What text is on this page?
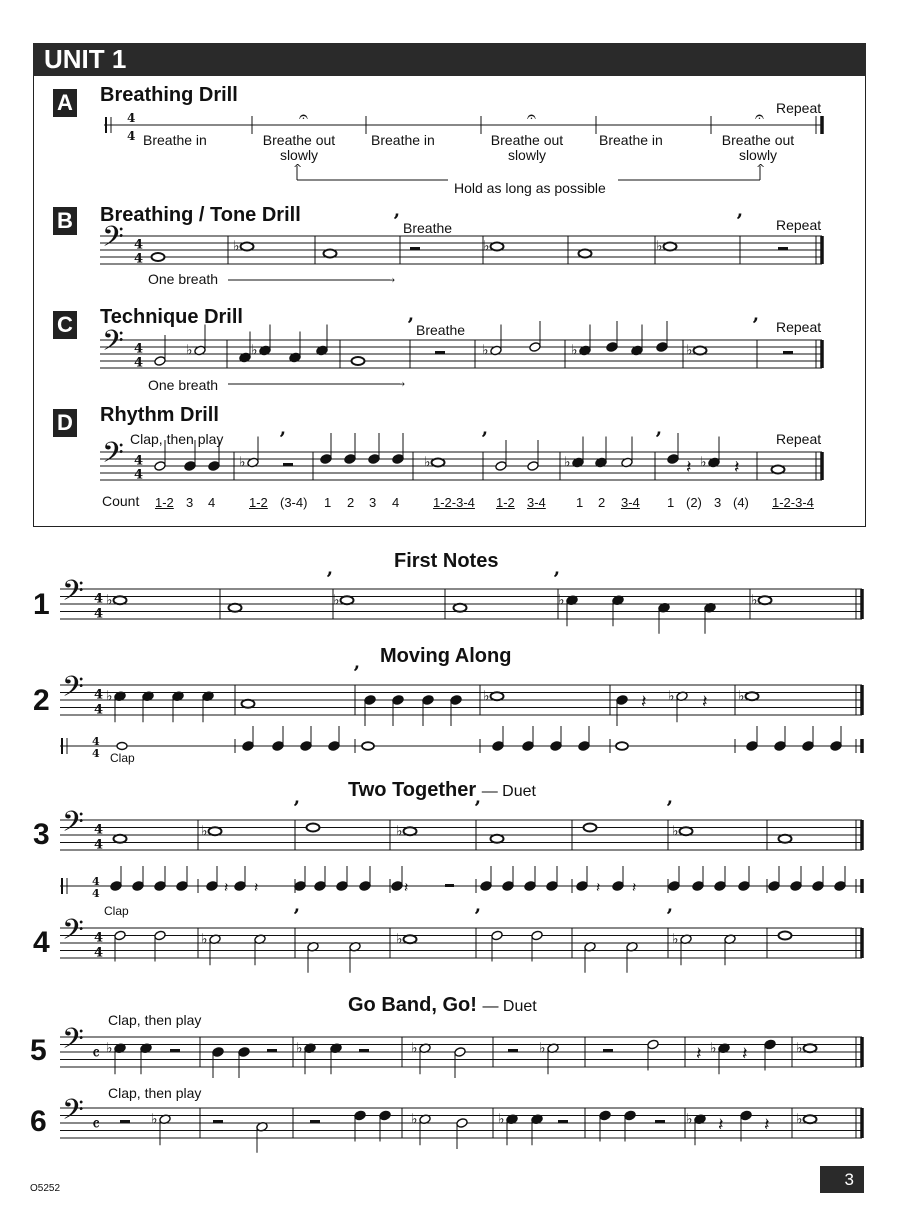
UNIT 1
A Breathing Drill
Breathe in	Breathe out
slowly
Breathe in	Breathe out
slowly
Breathe in	Breathe out
slowly
Repeat
Hold as long as possible
B Breathing / Tone Drill
Breathe	Repeat
One breath
C Technique Drill
Breathe	Repeat
One breath
D Rhythm Drill
Clap, then play	Repeat
Count 1-2 3 4	1-2 (3-4) 1 2 3 4	1-2-3-4 1-2 3-4 1 2 3-4 1 (2) 3 (4) 1-2-3-4
First Notes
1
Moving Along
2
Clap
Two Together — Duet
3
Clap
4
Go Band, Go! — Duet
Clap, then play
5
Clap, then play
6
O5252	3
4
4
𝄐	𝄐	𝄐
^	^
𝄢 4
4
♭	♭	♭
’	’
→
𝄢 4
4
♭	♭	♭	♭	♭
’	’
→
𝄢 4
4
♭	♭	♭	𝄽 ♭ 𝄽
’	’	’
𝄢 4
4
♭	♭	♭	♭
’	’
𝄢 4
4
♭	♭	𝄽 ♭ 𝄽 ♭
’
4
4
𝄢 4
4
♭	♭	♭
’	’	’
4
4	𝄽 𝄽	𝄽	𝄽 𝄽
𝄢 4
4
♭	♭	♭
’	’	’
𝄢 𝄴 ♭	♭	♭	♭	𝄽 ♭ 𝄽	♭
𝄢 𝄴	♭	♭	♭	♭ 𝄽 𝄽 ♭
